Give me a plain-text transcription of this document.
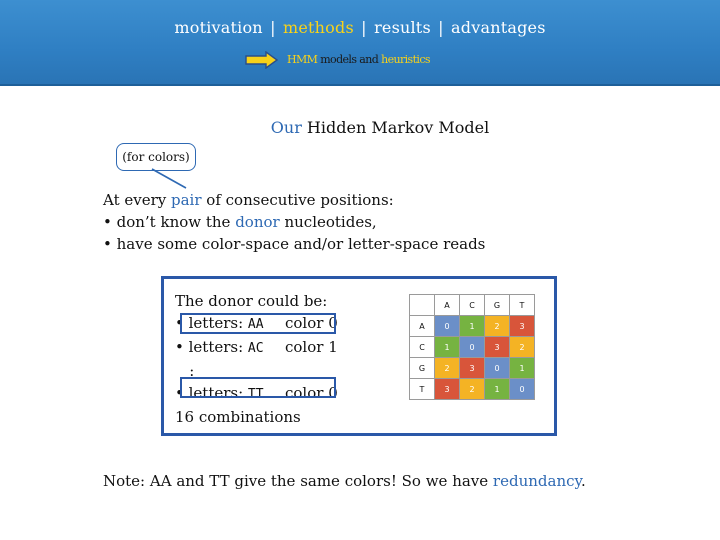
motivation | methods | results | advantages
HMM models and heuristics
Our Hidden Markov Model
(for colors)
At every pair of consecutive positions:
• don’t know the donor nucleotides,
• have some color-space and/or letter-space reads
The donor could be:
• letters: AA color 0
• letters: AC color 1
:
• letters: TT color 0
16 combinations
	A	C	G	T
A	0	1	2	3
C	1	0	3	2
G	2	3	0	1
T	3	2	1	0
Note: AA and TT give the same colors! So we have redundancy.
